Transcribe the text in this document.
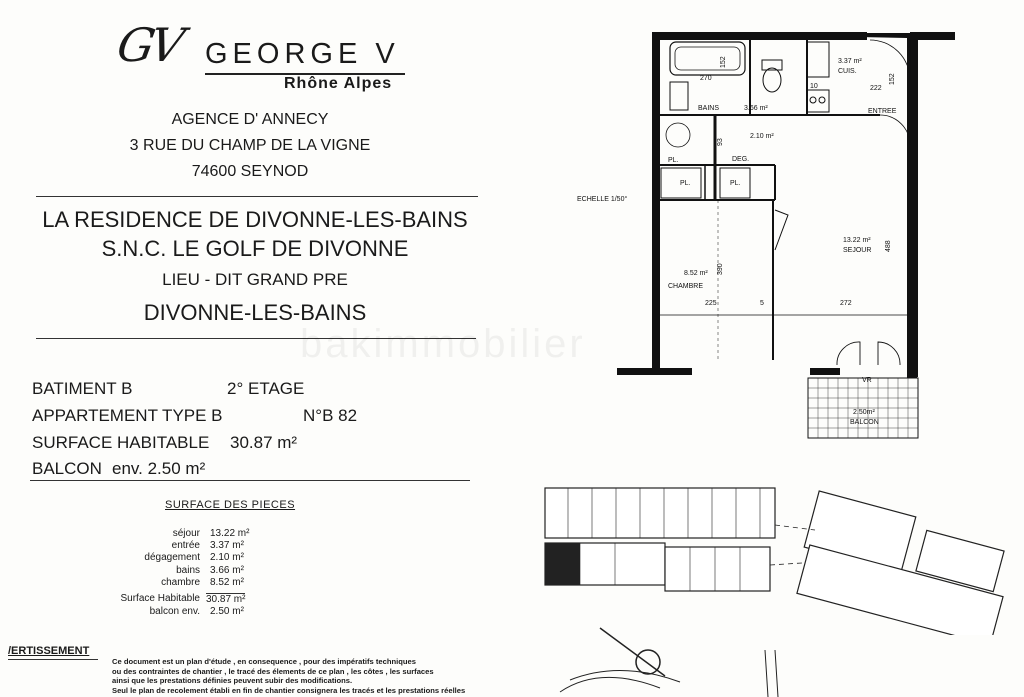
GV GEORGE V
Rhône Alpes
AGENCE D' ANNECY
3 RUE DU CHAMP DE LA VIGNE
74600 SEYNOD
LA RESIDENCE DE DIVONNE-LES-BAINS
S.N.C. LE GOLF DE DIVONNE
LIEU - DIT GRAND PRE
DIVONNE-LES-BAINS
BATIMENT B	2° ETAGE
APPARTEMENT TYPE B	N°B 82
SURFACE HABITABLE 30.87 m²
BALCON env. 2.50 m²
SURFACE DES PIECES
séjour 13.22 m²
entrée 3.37 m²
dégagement 2.10 m²
bains 3.66 m²
chambre 8.52 m²
Surface Habitable 30.87 m²
balcon env. 2.50 m²
/ERTISSEMENT
Ce document est un plan d'étude , en consequence , pour des impératifs techniques
ou des contraintes de chantier , le tracé des élements de ce plan , les côtes , les surfaces
ainsi que les prestations définies peuvent subir des modifications.
Seul le plan de recolement établi en fin de chantier consignera les tracés et les prestations réelles
bakimmobilier
ECHELLE 1/50°
3.37 m²
CUIS.
BAINS	3.66 m²	ENTREE
2.10 m²
DEG.
PL.
PL.	PL.
13.22 m²
SEJOUR
8.52 m²
CHAMBRE
VR
2.50m²
BALCON
270
152
222
152
10
5
93
390
488
225	272
